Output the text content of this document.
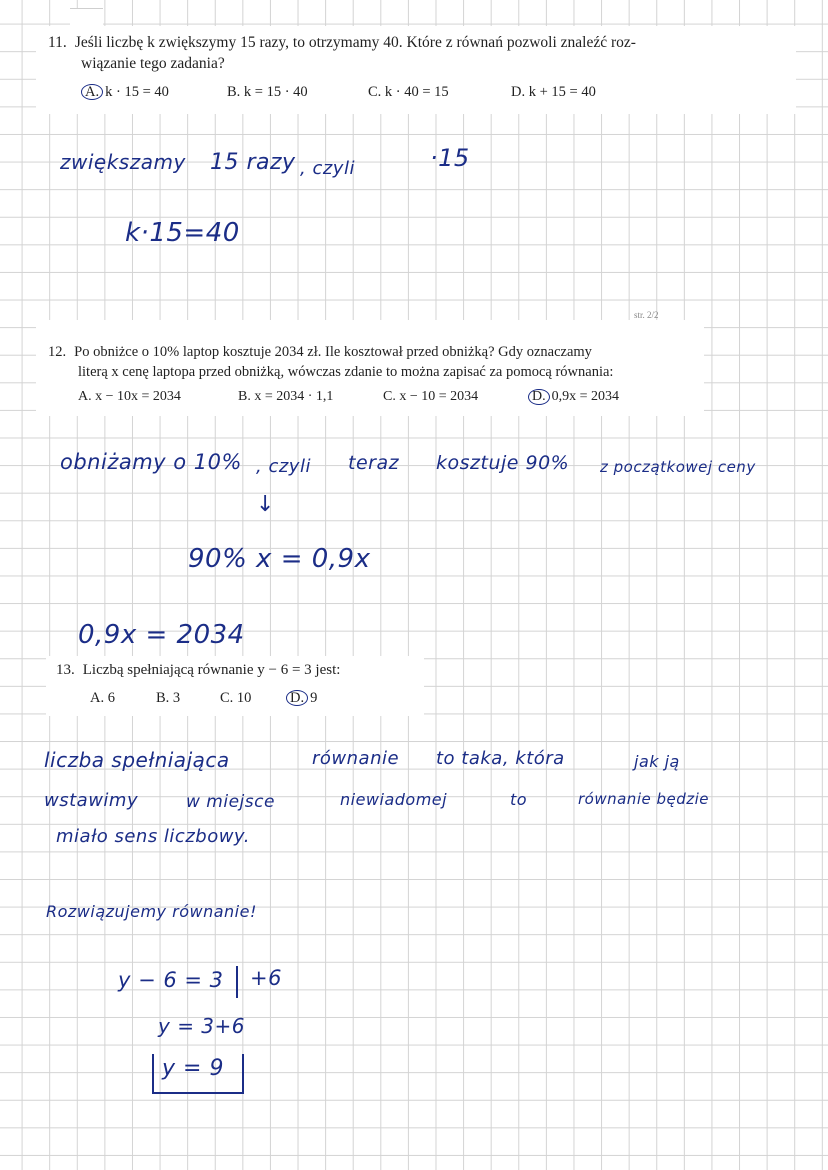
11. Jeśli liczbę k zwiększymy 15 razy, to otrzymamy 40. Które z równań pozwoli znaleźć roz-
wiązanie tego zadania?
A. k · 15 = 40	B. k = 15 · 40	C. k · 40 = 15	D. k + 15 = 40
zwiększamy 15 razy , czyli	·15
k·15=40
str. 2/2
12. Po obniżce o 10% laptop kosztuje 2034 zł. Ile kosztował przed obniżką? Gdy oznaczamy
literą x cenę laptopa przed obniżką, wówczas zdanie to można zapisać za pomocą równania:
A. x − 10x = 2034	B. x = 2034 · 1,1	C. x − 10 = 2034	D. 0,9x = 2034
obniżamy o 10% , czyli teraz kosztuje 90% z początkowej ceny
↓
90% x = 0,9x
0,9x = 2034
13. Liczbą spełniającą równanie y − 6 = 3 jest:
A. 6	B. 3	C. 10	D. 9
liczba spełniająca	równanie to taka, która	jak ją
wstawimy	w miejsce	niewiadomej	to	równanie będzie
miało sens liczbowy.
Rozwiązujemy równanie!
y − 6 = 3 +6
y = 3+6
y = 9
